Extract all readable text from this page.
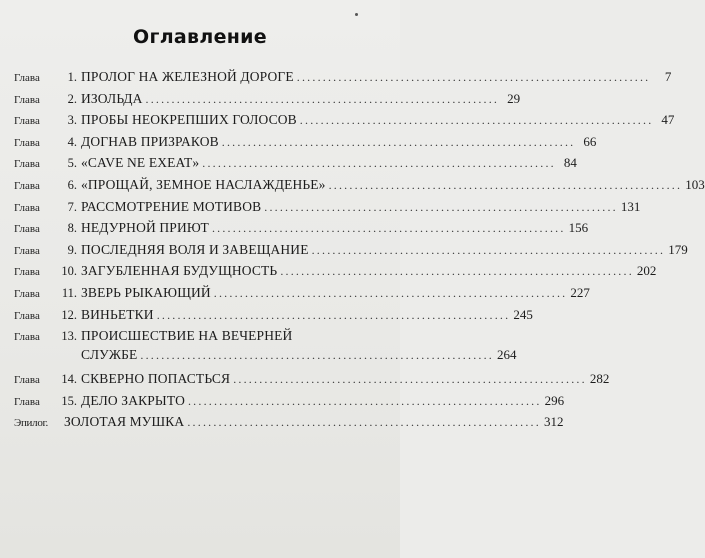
Оглавление
Глава	1. ПРОЛОГ НА ЖЕЛЕЗНОЙ ДОРОГЕ ....................................................................	7
Глава	2. ИЗОЛЬДА .................................................................... 29
Глава	3. ПРОБЫ НЕОКРЕПШИХ ГОЛОСОВ .................................................................... 47
Глава	4. ДОГНАВ ПРИЗРАКОВ .................................................................... 66
Глава	5. «CAVE NE EXEAT» .................................................................... 84
Глава	6. «ПРОЩАЙ, ЗЕМНОЕ НАСЛАЖДЕНЬЕ» .................................................................... 103
Глава	7. РАССМОТРЕНИЕ МОТИВОВ .................................................................... 131
Глава	8. НЕДУРНОЙ ПРИЮТ .................................................................... 156
Глава	9. ПОСЛЕДНЯЯ ВОЛЯ И ЗАВЕЩАНИЕ .................................................................... 179
Глава	10. ЗАГУБЛЕННАЯ БУДУЩНОСТЬ .................................................................... 202
Глава	11. ЗВЕРЬ РЫКАЮЩИЙ .................................................................... 227
Глава	12. ВИНЬЕТКИ .................................................................... 245
Глава	13. ПРОИСШЕСТВИЕ НА ВЕЧЕРНЕЙ
СЛУЖБЕ .................................................................... 264
Глава	14. СКВЕРНО ПОПАСТЬСЯ .................................................................... 282
Глава	15. ДЕЛО ЗАКРЫТО .................................................................... 296
Эпилог.	ЗОЛОТАЯ МУШКА .................................................................... 312
